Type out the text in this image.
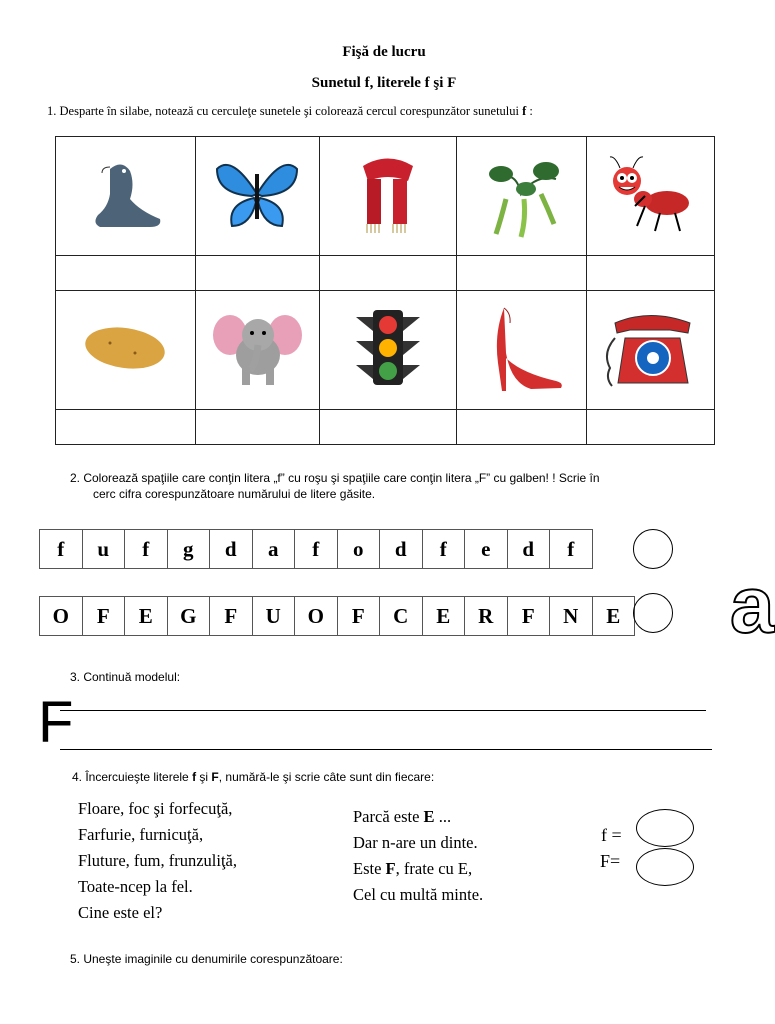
Fişă de lucru
Sunetul f, literele f şi F
1. Desparte în silabe, notează cu cerculeţe sunetele şi colorează cercul corespunzător sunetului f :

2. Colorează spaţiile care conţin litera „f” cu roşu şi spaţiile care conţin litera „F” cu galben! ! Scrie în
cerc cifra corespunzătoare numărului de litere găsite.
f	u	f	g	d	a	f	o	d	f	e	d	f
O	F	E	G	F	U	O	F	C	E	R	F	N	E a
3. Continuă modelul:
F
4. Încercuieşte literele f şi F, numără-le şi scrie câte sunt din fiecare:
Floare, foc şi forfecuţă,
Farfurie, furnicuţă,
Fluture, fum, frunzuliţă,
Toate-ncep la fel.
Cine este el?
Parcă este E ...
Dar n-are un dinte.
Este F, frate cu E,
Cel cu multă minte.
f =
F=
5. Uneşte imaginile cu denumirile corespunzătoare:
